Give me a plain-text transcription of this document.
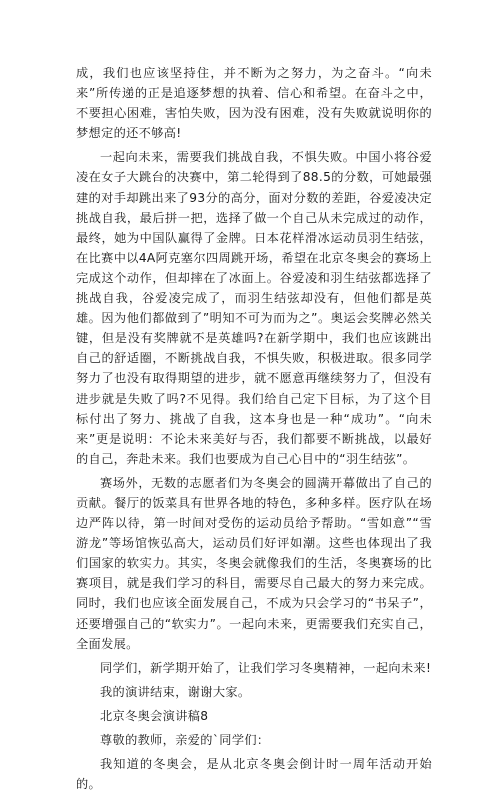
成，我们也应该坚持住，并不断为之努力，为之奋斗。“向未来”所传递的正是追逐梦想的执着、信心和希望。在奋斗之中，不要担心困难，害怕失败，因为没有困难，没有失败就说明你的梦想定的还不够高!

一起向未来，需要我们挑战自我，不惧失败。中国小将谷爱凌在女子大跳台的决赛中，第二轮得到了88.5的分数，可她最强建的对手却跳出来了93分的高分，面对分数的差距，谷爱凌决定挑战自我，最后拼一把，选择了做一个自己从未完成过的动作，最终，她为中国队赢得了金牌。日本花样滑冰运动员羽生结弦，在比赛中以4A阿克塞尔四周跳开场，希望在北京冬奥会的赛场上完成这个动作，但却摔在了冰面上。谷爱凌和羽生结弦都选择了挑战自我，谷爱凌完成了，而羽生结弦却没有，但他们都是英雄。因为他们都做到了”明知不可为而为之”。奥运会奖牌必然关键，但是没有奖牌就不是英雄吗?在新学期中，我们也应该跳出自己的舒适圈，不断挑战自我，不惧失败，积极进取。很多同学努力了也没有取得期望的进步，就不愿意再继续努力了，但没有进步就是失败了吗?不见得。我们给自己定下目标，为了这个目标付出了努力、挑战了自我，这本身也是一种“成功”。“向未来”更是说明：不论未来美好与否，我们都要不断挑战，以最好的自己，奔赴未来。我们也要成为自己心目中的“羽生结弦”。

赛场外，无数的志愿者们为冬奥会的圆满开幕做出了自己的贡献。餐厅的饭菜具有世界各地的特色，多种多样。医疗队在场边严阵以待，第一时间对受伤的运动员给予帮助。“雪如意”“雪游龙”等场馆恢弘高大，运动员们好评如潮。这些也体现出了我们国家的软实力。其实，冬奥会就像我们的生活，冬奥赛场的比赛项目，就是我们学习的科目，需要尽自己最大的努力来完成。同时，我们也应该全面发展自己，不成为只会学习的“书呆子”，还要增强自己的“软实力”。一起向未来，更需要我们充实自己，全面发展。

同学们，新学期开始了，让我们学习冬奥精神，一起向未来!

我的演讲结束，谢谢大家。

北京冬奥会演讲稿8

尊敬的教师，亲爱的`同学们：

我知道的冬奥会，是从北京冬奥会倒计时一周年活动开始的。
